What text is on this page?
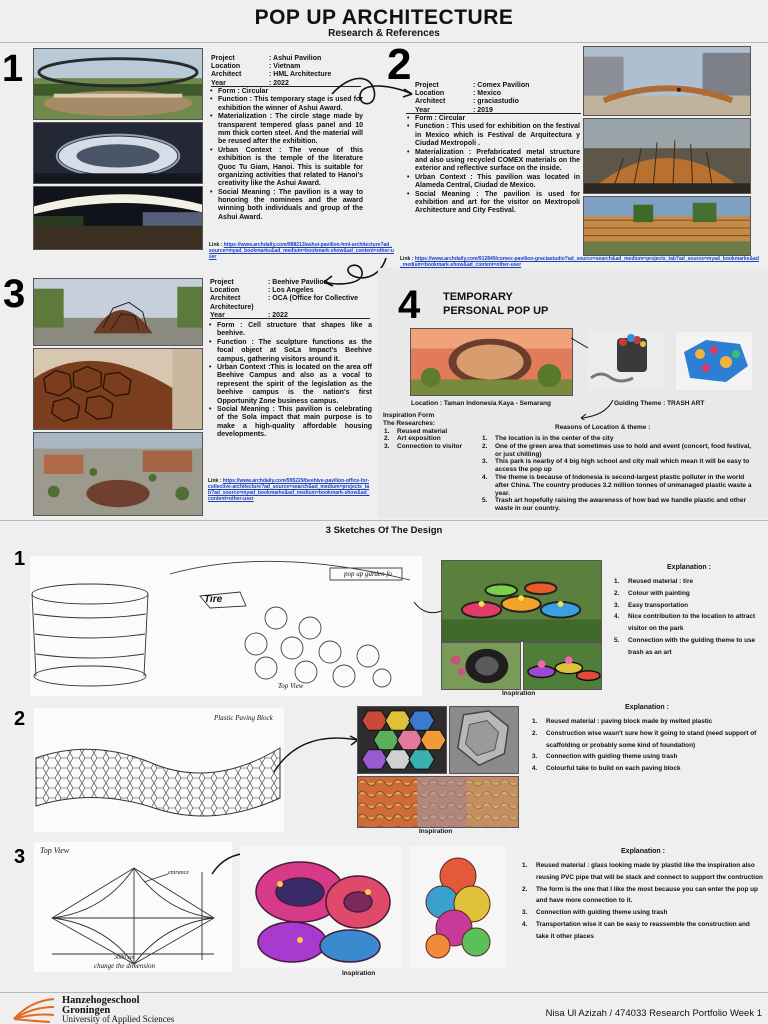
POP UP ARCHITECTURE
Research & References
1	Project	: Ashui Pavilion
Location	: Vietnam
Architect	: HML Architecture
Year	: 2022
• Form : Circular
• Function : This temporary stage is used for exhibition the winner of Ashui Award.
• Materialization : The circle stage made by transparent tempered glass panel and 10 mm thick corten steel. And the material will be reused after the exhibition.
• Urban Context : The venue of this exhibition is the temple of the literature Quoc Tu Giam, Hanoi. This is suitable for organizing activities that related to Hanoi's creativity like the Ashui Award.
• Social Meaning : The pavilion is a way to honoring the nominees and the award winning both individuals and group of the Ashui Award.
Link : https://www.archdaily.com/988213/ashui-pavilion-hml-architecture?ad_source=myad_bookmarks&ad_medium=bookmark-show&ad_content=other-user
2 Project	: Comex Pavilion
Location	: Mexico
Architect	: graciastudio
Year	: 2019
• Form : Circular
• Function : This used for exhibition on the festival in Mexico which is Festival de Arquitectura y Ciudad Mextropoli .
• Materialization : Prefabricated metal structure and also using recycled COMEX materials on the exterior and reflective surface on the inside.
• Urban Context : This pavilion was located in Alameda Central, Ciudad de Mexico.
• Social Meaning : The pavilion is used for exhibition and art for the visitor on Mextropoli Architecture and City Festival.
Link : https://www.archdaily.com/912849/comex-pavilion-graciastudio?ad_source=search&ad_medium=projects_tab?ad_source=myad_bookmarks&ad_medium=bookmark-show&ad_content=other-user
3	Project	: Beehive Pavilion
Location	: Los Angeles
Architect	: OCA (Office for Collective Architecture)
Year	: 2022
• Form : Cell structure that shapes like a beehive.
• Function : The sculpture functions as the focal object at SoLa Impact's Beehive campus, gathering visitors around it.
• Urban Context :This is located on the area off Beehive Campus and also as a vocal to represent the spirit of the legislation as the beehive campus is the nation's first Opportunity Zone business campus.
• Social Meaning : This pavilion is celebrating of the Sola impact that main purpose is to make a high-quality affordable housing developments.
Link : https://www.archdaily.com/995229/beehive-pavilion-office-for-collective-architecture?ad_source=search&ad_medium=projects_tab?ad_source=myad_bookmarks&ad_medium=bookmark-show&ad_content=other-user
4 TEMPORARY
PERSONAL POP UP
Location : Taman Indonesia Kaya - Semarang	Guiding Theme : TRASH ART
Inspiration Form
The Researches:
1. Reused material
2. Art exposition
3. Connection to visitor
Reasons of Location & theme :
1. The location is in the center of the city
2. One of the green area that sometimes use to hold and event (concert, food festival, or just chilling)
3. This park is nearby of 4 big high school and city mall which mean it will be easy to access the pop up
4. The theme is because of Indonesia is second-largest plastic polluter in the world after China. The country produces 3.2 million tonnes of unmanaged plastic waste a year.
5. Trash art hopefully raising the awareness of how bad we handle plastic and other waste in our country.
3 Sketches Of The Design
1
Tire
pop up garden fo
Top View
Inspiration
Explanation :
1. Reused material : tire
2. Colour with painting
3. Easy transportation
4. Nice contribution to the location to attract visitor on the park
5. Connection with the guiding theme to use trash as an art
2	Plastic Paving Block
Inspiration
Explanation :
1. Reused material : paving block made by melted plastic
2. Construction wise wasn't sure how it going to stand (need support of scaffolding or probably some kind of foundation)
3. Connection with guiding theme using trash
4. Colourful take to build on each paving block
3 Top View
entrance
3000 cm
change the dimension
Inspiration
Explanation :
1. Reused material : glass looking made by plastid like the inspiration also reusing PVC pipe that will be stack and connect to support the contruction
2. The form is the one that I like the most because you can enter the pop up and have more connection to it.
3. Connection with guiding theme using trash
4. Transportation wise it can be easy to reassemble the construction and take it other places
Hanzehogeschool
Groningen
University of Applied Sciences	Nisa Ul Azizah / 474033 Research Portfolio Week 1
